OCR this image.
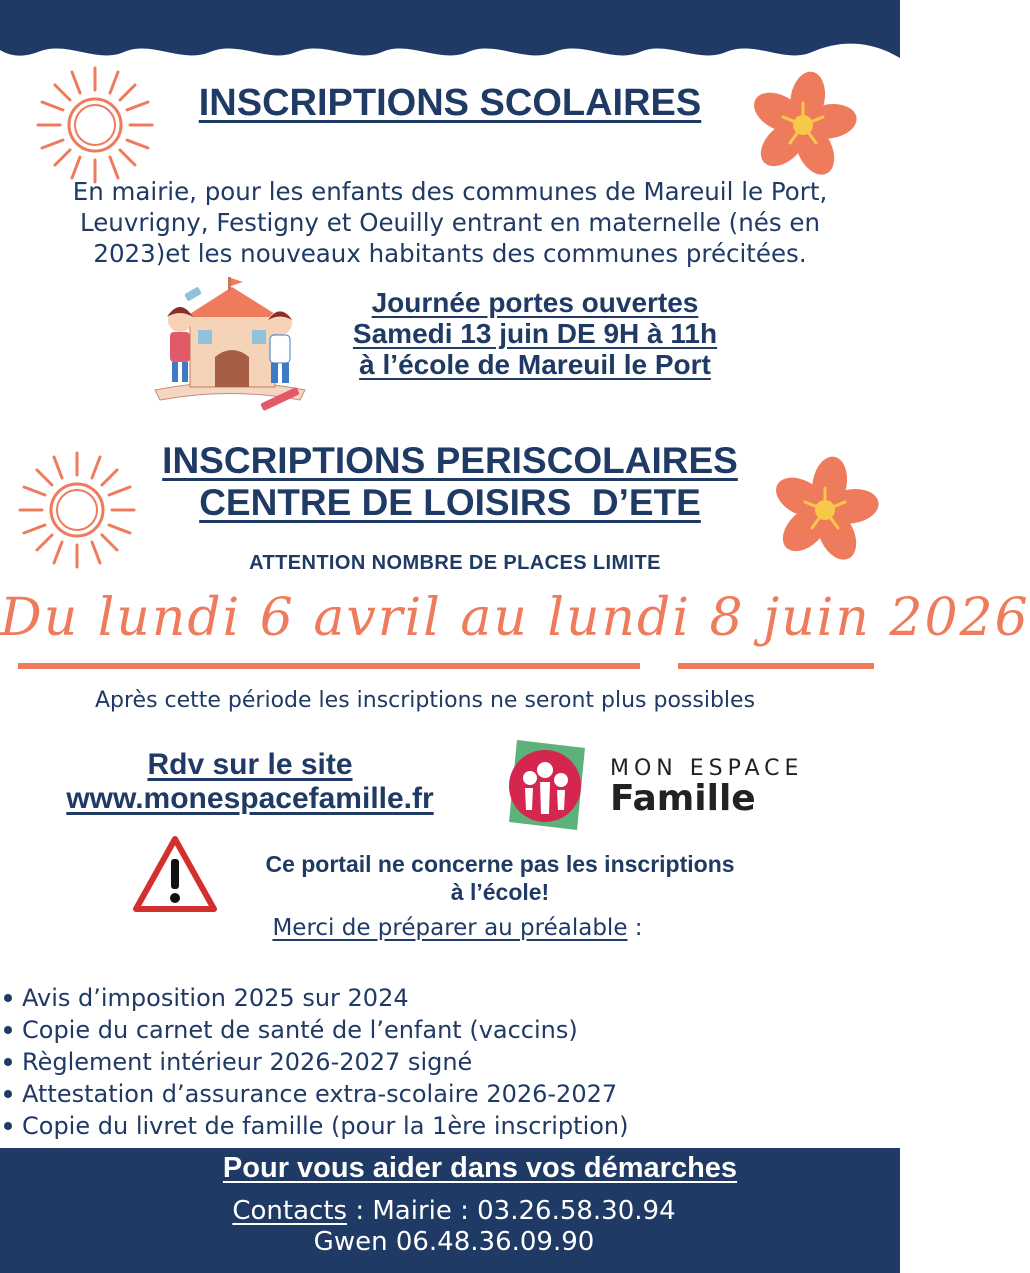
INSCRIPTIONS SCOLAIRES
En mairie, pour les enfants des communes de Mareuil le Port,
Leuvrigny, Festigny et Oeuilly entrant en maternelle (nés en
2023)et les nouveaux habitants des communes précitées.
Journée portes ouvertes
Samedi 13 juin DE 9H à 11h
à l’école de Mareuil le Port
INSCRIPTIONS PERISCOLAIRES
CENTRE DE LOISIRS  D’ETE
ATTENTION NOMBRE DE PLACES LIMITE
Du lundi 6 avril au lundi 8 juin 2026
Après cette période les inscriptions ne seront plus possibles
Rdv sur le site
www.monespacefamille.fr
MON ESPACE
Famille
Ce portail ne concerne pas les inscriptions
à l’école!
Merci de préparer au préalable :
Avis d’imposition 2025 sur 2024
Copie du carnet de santé de l’enfant (vaccins)
Règlement intérieur 2026-2027 signé
Attestation d’assurance extra-scolaire 2026-2027
Copie du livret de famille (pour la 1ère inscription)
Pour vous aider dans vos démarches
Contacts : Mairie : 03.26.58.30.94
Gwen 06.48.36.09.90
